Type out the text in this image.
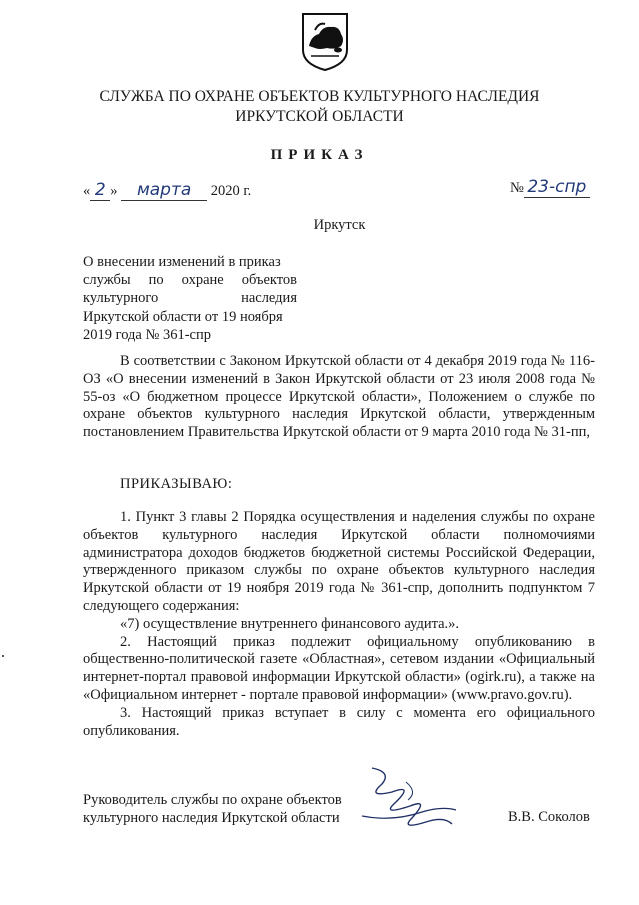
СЛУЖБА ПО ОХРАНЕ ОБЪЕКТОВ КУЛЬТУРНОГО НАСЛЕДИЯ
ИРКУТСКОЙ ОБЛАСТИ
ПРИКАЗ
« 2 » марта 2020 г.	№ 23-спр
Иркутск
О внесении изменений в приказ
службы по охране объектов
культурного наследия
Иркутской области от 19 ноября
2019 года № 361-спр

В соответствии с Законом Иркутской области от 4 декабря 2019 года № 116-ОЗ «О внесении изменений в Закон Иркутской области от 23 июля 2008 года № 55-оз «О бюджетном процессе Иркутской области», Положением о службе по охране объектов культурного наследия Иркутской области, утвержденным постановлением Правительства Иркутской области от 9 марта 2010 года № 31-пп,

ПРИКАЗЫВАЮ:

1. Пункт 3 главы 2 Порядка осуществления и наделения службы по охране объектов культурного наследия Иркутской области полномочиями администратора доходов бюджетов бюджетной системы Российской Федерации, утвержденного приказом службы по охране объектов культурного наследия Иркутской области от 19 ноября 2019 года № 361-спр, дополнить подпунктом 7 следующего содержания:

«7) осуществление внутреннего финансового аудита.».

2. Настоящий приказ подлежит официальному опубликованию в общественно-политической газете «Областная», сетевом издании «Официальный интернет-портал правовой информации Иркутской области» (ogirk.ru), а также на «Официальном интернет - портале правовой информации» (www.pravo.gov.ru).

3. Настоящий приказ вступает в силу с момента его официального опубликования.

Руководитель службы по охране объектов
культурного наследия Иркутской области	В.В. Соколов
